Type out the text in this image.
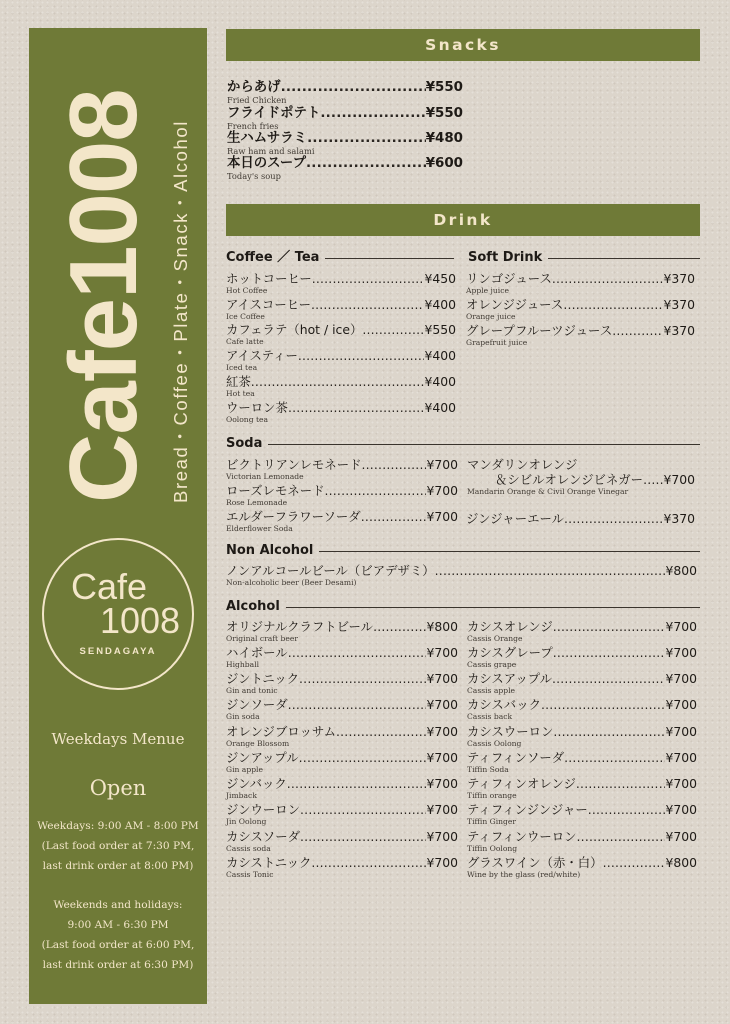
Cafe1008 Bread・Coffee・Plate・Snack・Alcohol
Cafe
1008
SENDAGAYA
Weekdays Menue
Open
Weekdays: 9:00 AM - 8:00 PM
(Last food order at 7:30 PM,
last drink order at 8:00 PM)
Weekends and holidays:
9:00 AM - 6:30 PM
(Last food order at 6:00 PM,
last drink order at 6:30 PM)
Snacks
からあげ .....	¥550
Fried Chicken
フライドポテト .....	¥550
French fries
生ハムサラミ .....	¥480
Raw ham and salami
本日のスープ .....	¥600
Today's soup
Drink
Coffee ／ Tea
ホットコーヒー .....	¥450
Hot Coffee
アイスコーヒー .....	¥400
Ice Coffee
カフェラテ（hot / ice） .....	¥550
Cafe latte
アイスティー .....	¥400
Iced tea
紅茶 .....	¥400
Hot tea
ウーロン茶 .....	¥400
Oolong tea
Soft Drink
リンゴジュース .....	¥370
Apple juice
オレンジジュース .....	¥370
Orange juice
グレープフルーツジュース .....	¥370
Grapefruit juice
Soda
ビクトリアンレモネード .....	¥700
Victorian Lemonade
ローズレモネード .....	¥700
Rose Lemonade
エルダーフラワーソーダ .....	¥700
Elderflower Soda
マンダリンオレンジ
＆シビルオレンジビネガー ..... ¥700
Mandarin Orange & Civil Orange Vinegar
ジンジャーエール .....	¥370
Non Alcohol
ノンアルコールビール（ビアデザミ） .....	¥800
Non-alcoholic beer (Beer Desami)
Alcohol
オリジナルクラフトビール .....	¥800
Original craft beer
ハイボール .....	¥700
Highball
ジントニック .....	¥700
Gin and tonic
ジンソーダ .....	¥700
Gin soda
オレンジブロッサム .....	¥700
Orange Blossom
ジンアップル .....	¥700
Gin apple
ジンバック .....	¥700
Jimback
ジンウーロン .....	¥700
Jin Oolong
カシスソーダ .....	¥700
Cassis soda
カシストニック .....	¥700
Cassis Tonic
カシスオレンジ .....	¥700
Cassis Orange
カシスグレープ .....	¥700
Cassis grape
カシスアップル .....	¥700
Cassis apple
カシスバック .....	¥700
Cassis back
カシスウーロン .....	¥700
Cassis Oolong
ティフィンソーダ .....	¥700
Tiffin Soda
ティフィンオレンジ .....	¥700
Tiffin orange
ティフィンジンジャー .....	¥700
Tiffin Ginger
ティフィンウーロン .....	¥700
Tiffin Oolong
グラスワイン（赤・白） .....	¥800
Wine by the glass (red/white)
